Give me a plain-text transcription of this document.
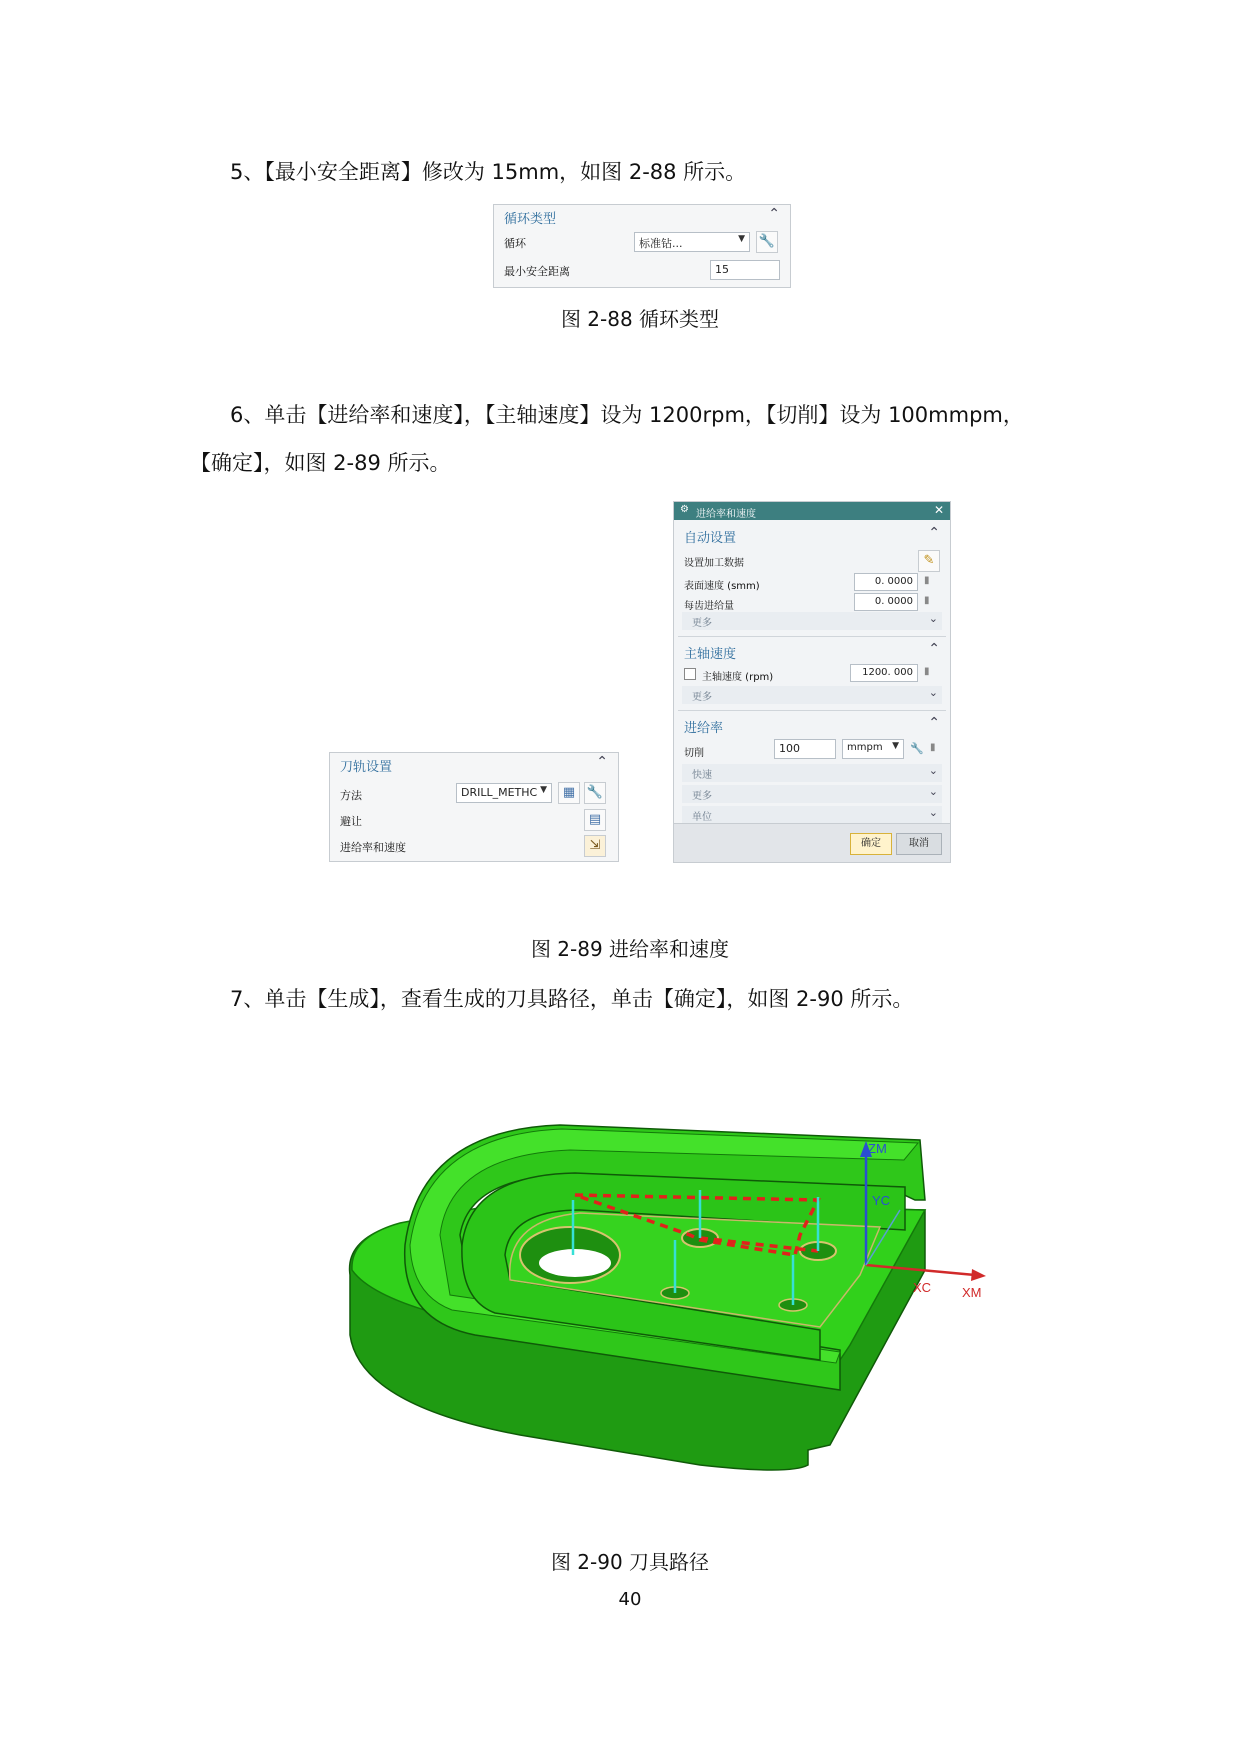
5、【最小安全距离】修改为 15mm，如图 2-88 所示。
循环类型	⌃
循环	标准钻...	▼ 🔧
最小安全距离	15
图 2-88 循环类型
6、单击【进给率和速度】，【主轴速度】设为 1200rpm，【切削】设为 100mmpm，
【确定】，如图 2-89 所示。
刀轨设置	⌃
方法	DRILL_METHC ▼	▦ 🔧
避让	▤
进给率和速度	⇲
⚙ 进给率和速度	✕
自动设置	⌃
设置加工数据	✎
表面速度 (smm)	0. 0000	▮
每齿进给量	0. 0000	▮
更多	⌄
主轴速度	⌃
主轴速度 (rpm)	1200. 000	▮
更多	⌄
进给率	⌃
切削	100	mmpm ▼ 🔧 ▮
快速	⌄
更多	⌄
单位	⌄
确定	取消
图 2-89 进给率和速度
7、单击【生成】，查看生成的刀具路径，单击【确定】，如图 2-90 所示。
ZM
YC
XC XM
图 2-90 刀具路径
40
